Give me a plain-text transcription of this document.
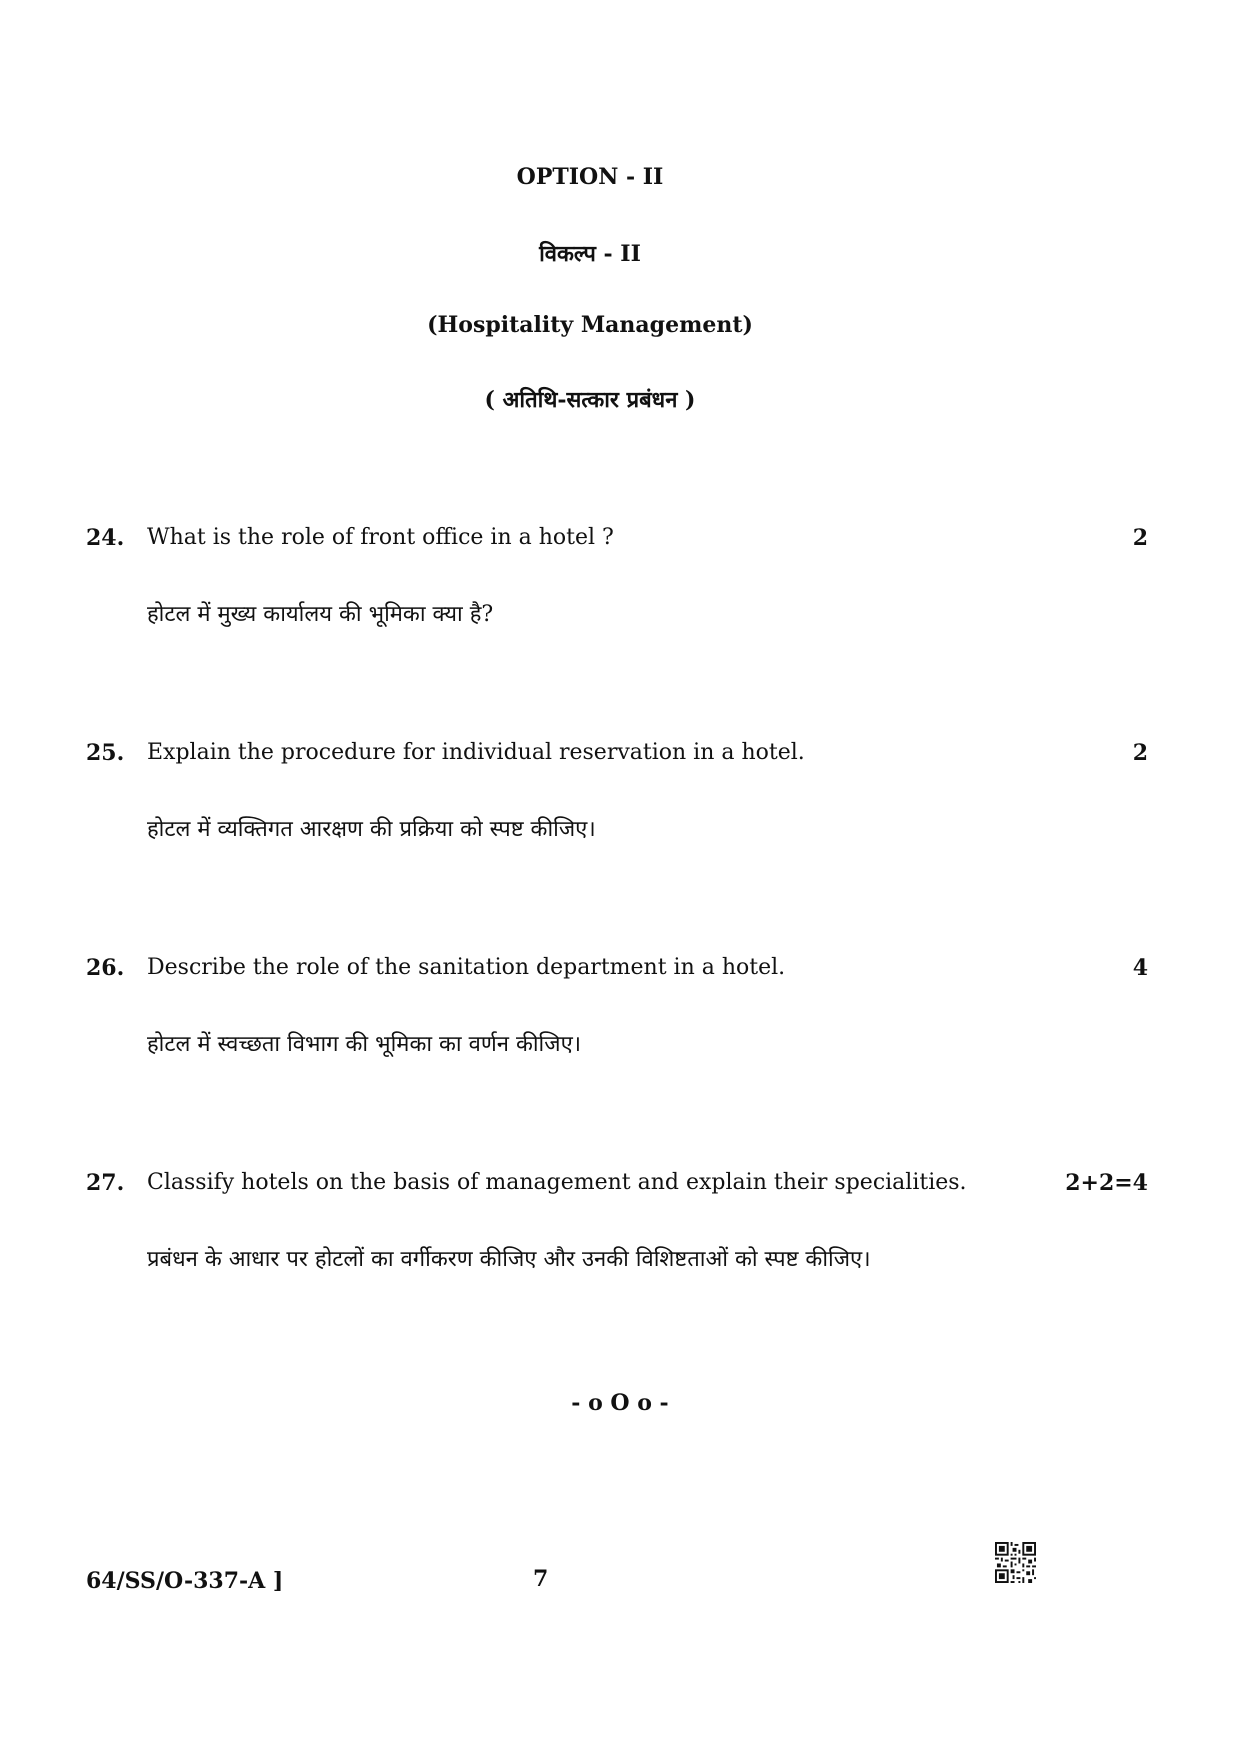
OPTION - II
विकल्प - II
(Hospitality Management)
( अतिथि-सत्कार प्रबंधन )
24. What is the role of front office in a hotel ?
होटल में मुख्य कार्यालय की भूमिका क्या है?
2
25. Explain the procedure for individual reservation in a hotel.
होटल में व्यक्तिगत आरक्षण की प्रक्रिया को स्पष्ट कीजिए।
2
26. Describe the role of the sanitation department in a hotel.
होटल में स्वच्छता विभाग की भूमिका का वर्णन कीजिए।
4
27. Classify hotels on the basis of management and explain their specialities.
प्रबंधन के आधार पर होटलों का वर्गीकरण कीजिए और उनकी विशिष्टताओं को स्पष्ट कीजिए।
2+2=4
- o O o -
64/SS/O-337-A ]	7
